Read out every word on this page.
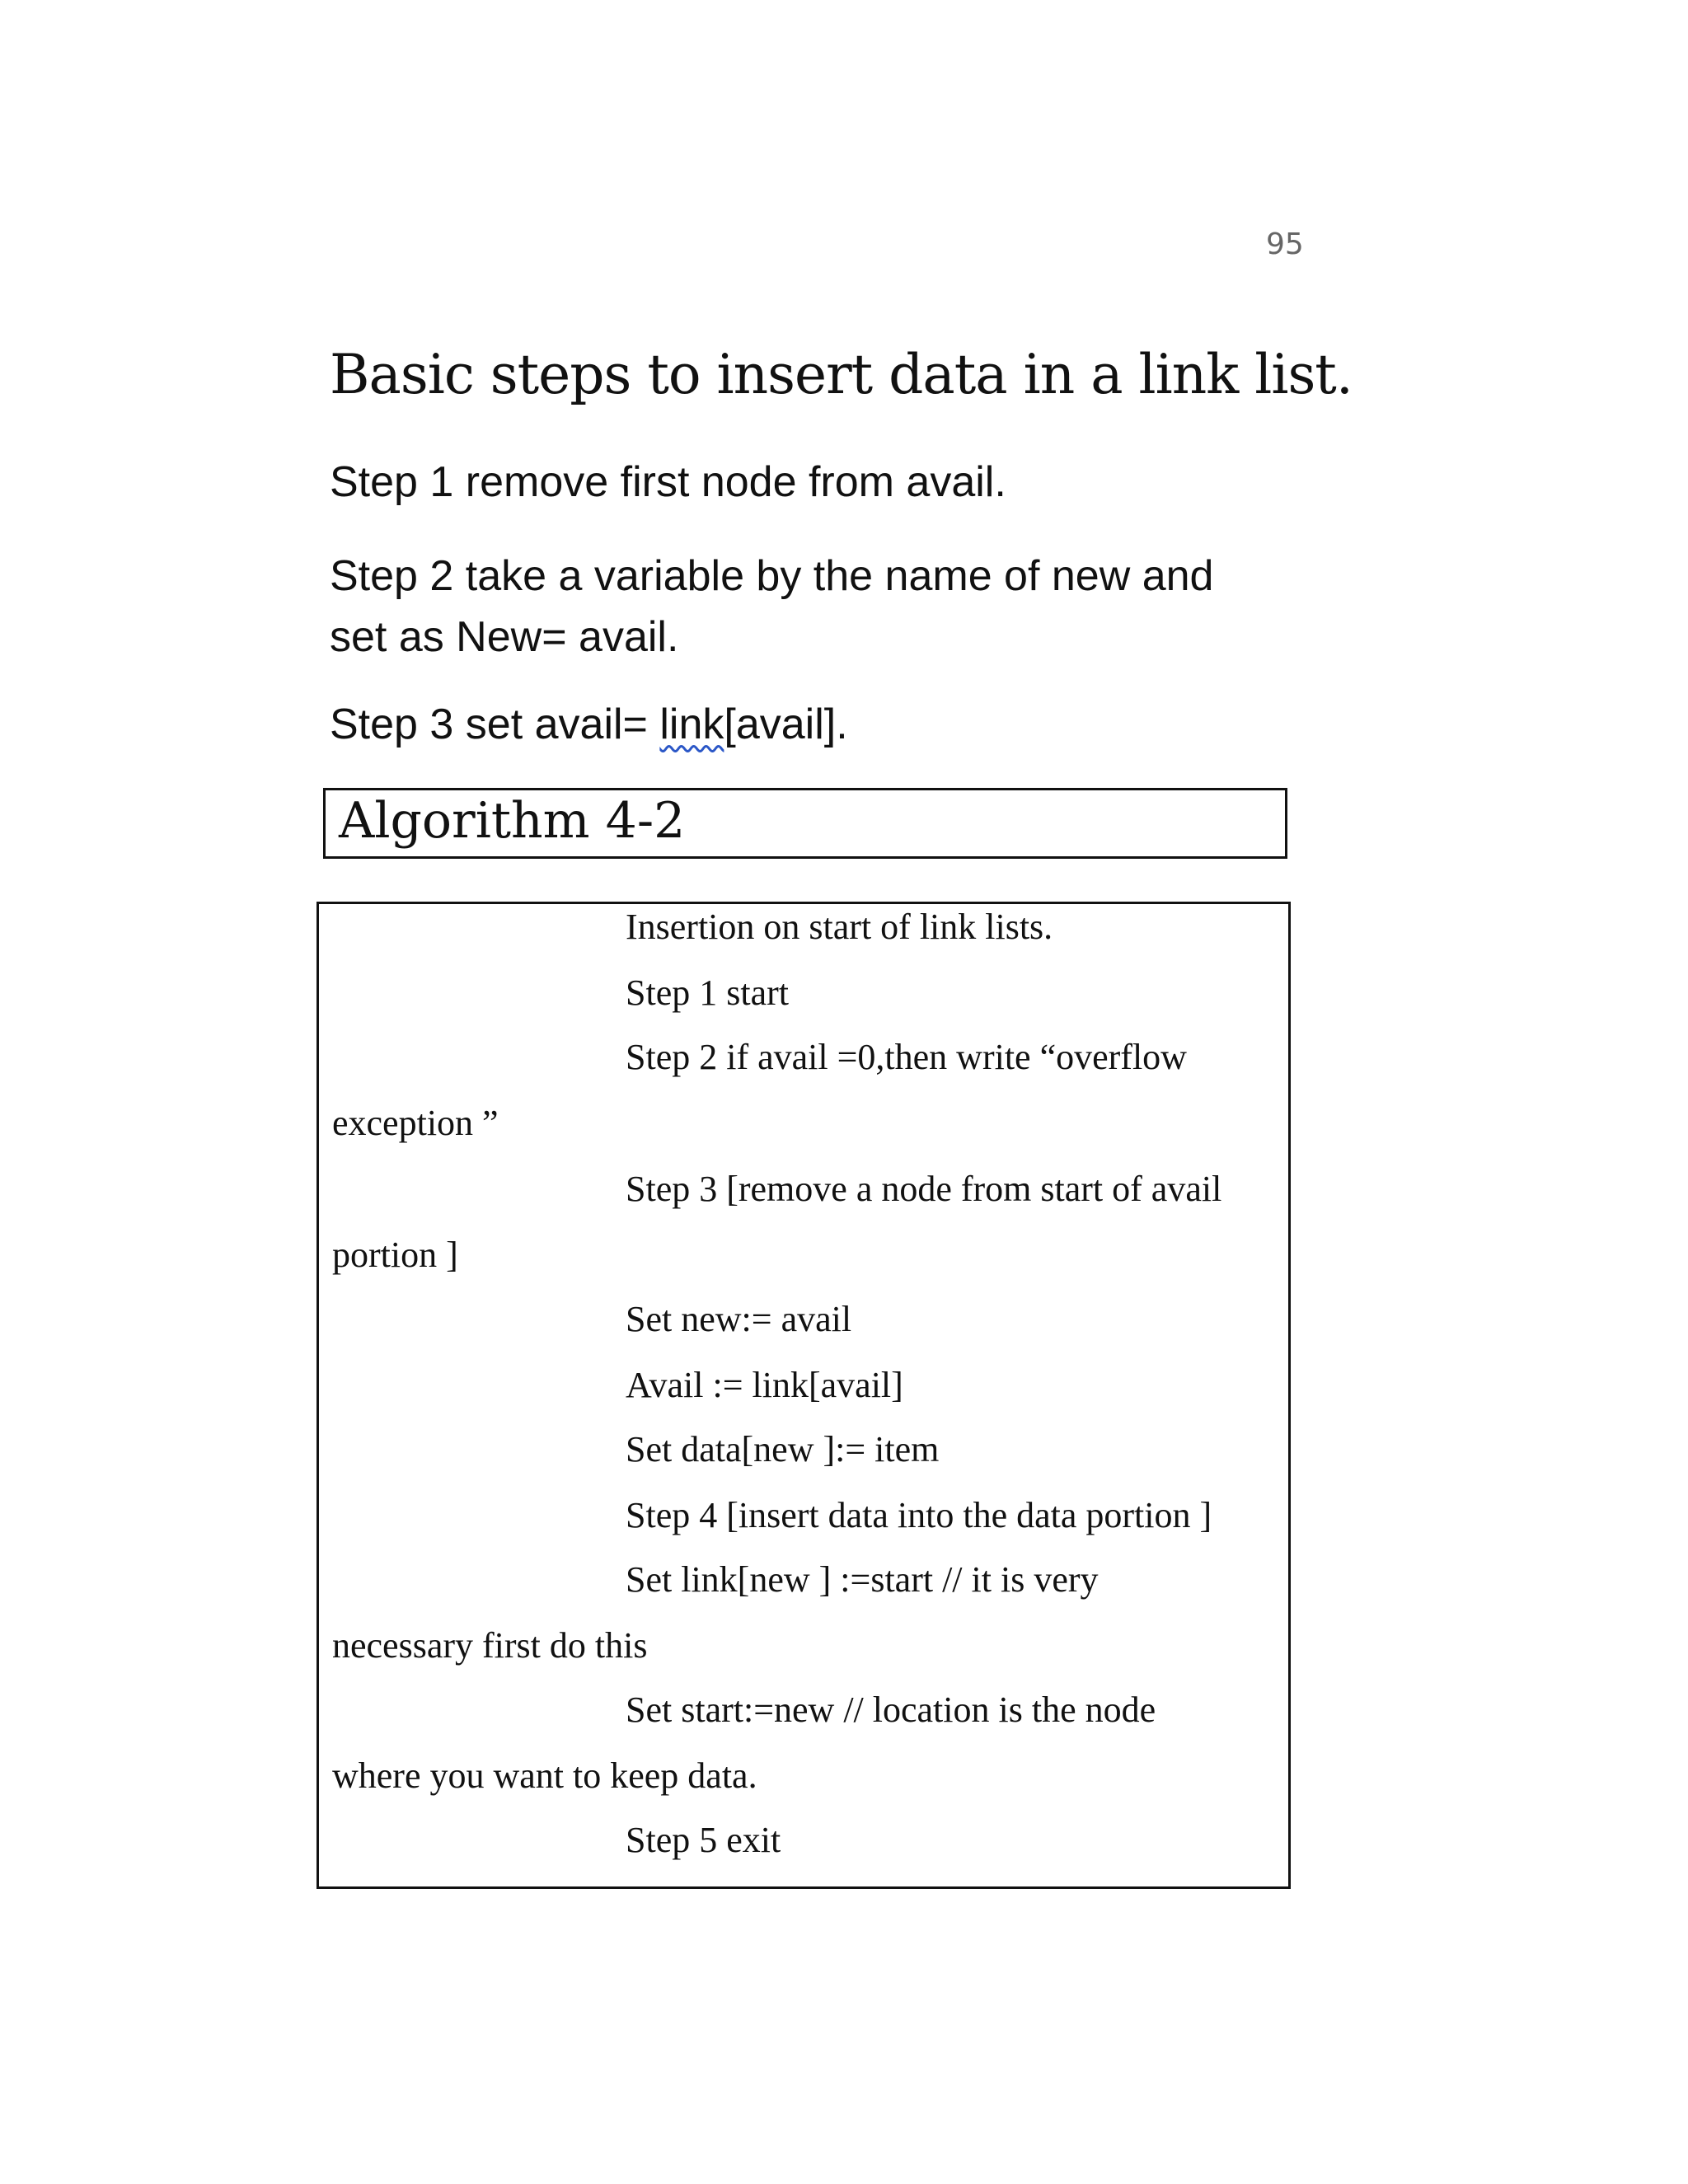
95
Basic steps to insert data in a link list.
Step 1 remove first node from avail.
Step 2 take a variable by the name of new and
set as New= avail.
Step 3 set avail= link[avail].
Algorithm 4-2
Insertion on start of link lists.
Step 1 start
Step 2 if avail =0,then write “overflow
exception ”
Step 3 [remove a node from start of avail
portion ]
Set new:= avail
Avail := link[avail]
Set data[new ]:= item
Step 4 [insert data into the data portion ]
Set link[new ] :=start // it is very
necessary first do this
Set start:=new // location is the node
where you want to keep data.
Step 5 exit
